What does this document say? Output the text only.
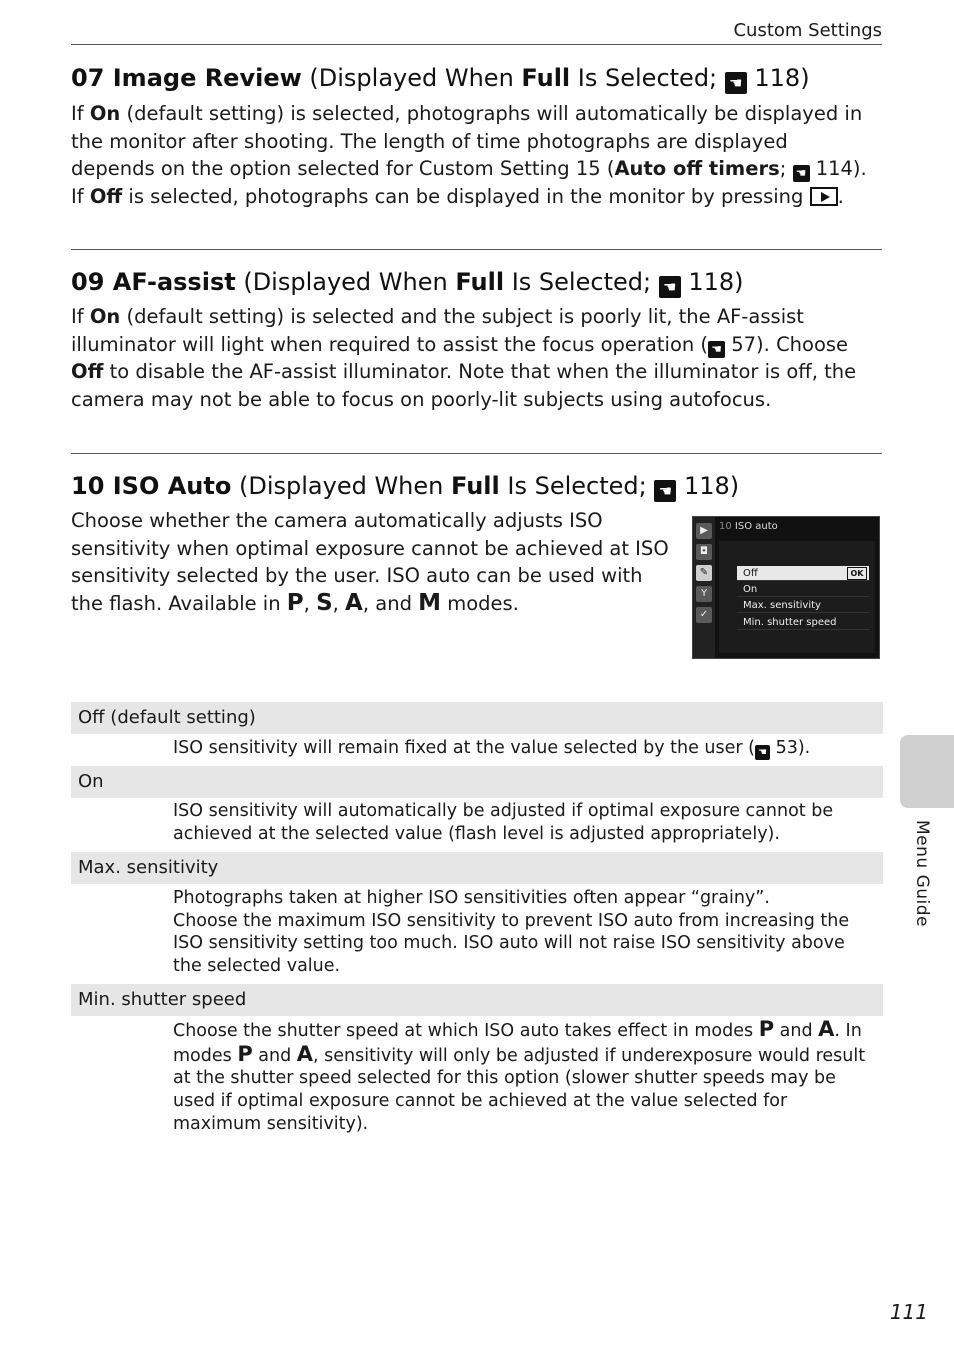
Custom Settings
07 Image Review (Displayed When Full Is Selected; ☚ 118)

If On (default setting) is selected, photographs will automatically be displayed in the monitor after shooting. The length of time photographs are displayed depends on the option selected for Custom Setting 15 (Auto off timers; ☚ 114). If Off is selected, photographs can be displayed in the monitor by pressing .

09 AF-assist (Displayed When Full Is Selected; ☚ 118)

If On (default setting) is selected and the subject is poorly lit, the AF-assist illuminator will light when required to assist the focus operation ( ☚ 57). Choose Off to disable the AF-assist illuminator. Note that when the illuminator is off, the camera may not be able to focus on poorly-lit subjects using autofocus.

10 ISO Auto (Displayed When Full Is Selected; ☚ 118)

Choose whether the camera automatically adjusts ISO sensitivity when optimal exposure cannot be achieved at ISO sensitivity selected by the user. ISO auto can be used with the flash. Available in P, S, A, and M modes.

▶
◘
✎
Y
✓
10 ISO auto
Off	OK
On
Max. sensitivity
Min. shutter speed
Off (default setting)
ISO sensitivity will remain fixed at the value selected by the user ( ☚ 53).
On
ISO sensitivity will automatically be adjusted if optimal exposure cannot be achieved at the selected value (flash level is adjusted appropriately).
Max. sensitivity
Photographs taken at higher ISO sensitivities often appear “grainy”.
Choose the maximum ISO sensitivity to prevent ISO auto from increasing the ISO sensitivity setting too much. ISO auto will not raise ISO sensitivity above the selected value.
Min. shutter speed
Choose the shutter speed at which ISO auto takes effect in modes P and A. In modes P and A, sensitivity will only be adjusted if underexposure would result at the shutter speed selected for this option (slower shutter speeds may be used if optimal exposure cannot be achieved at the value selected for maximum sensitivity).
Menu Guide
111
